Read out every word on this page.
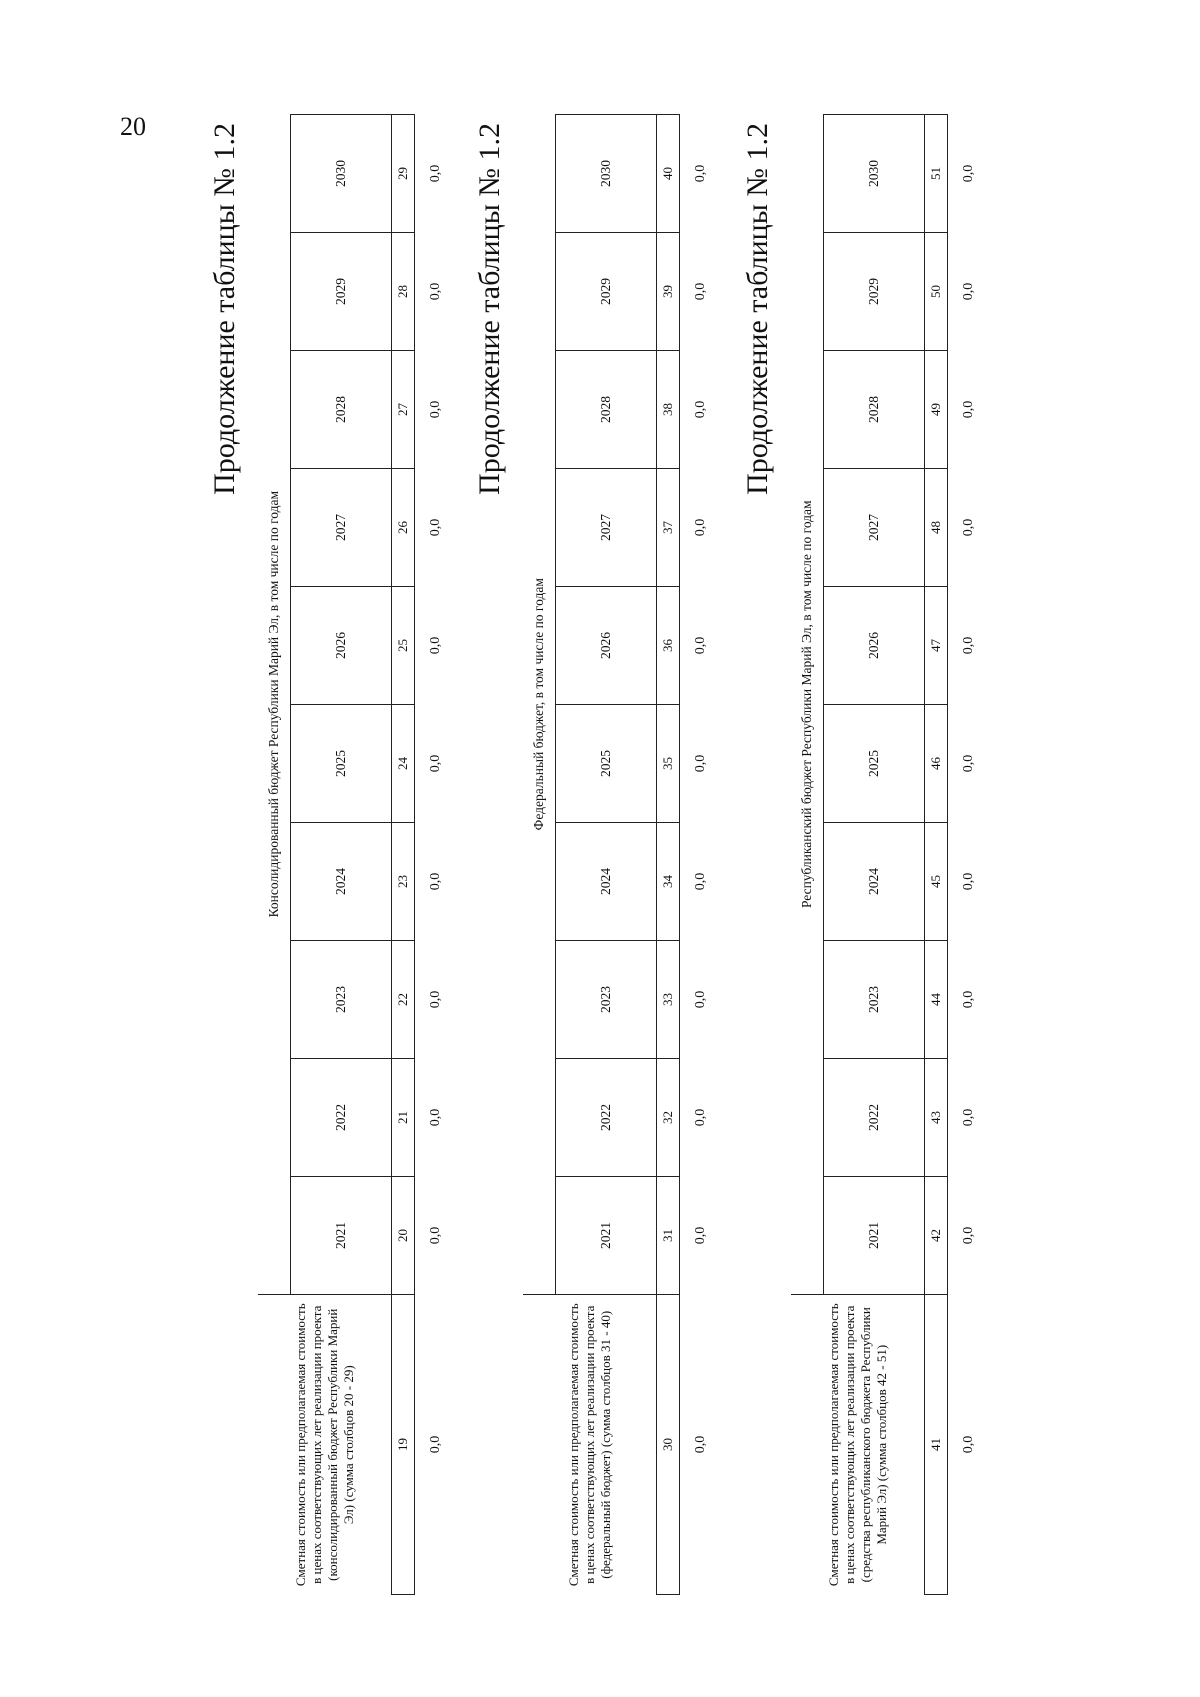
20 Продолжение таблицы № 1.2
Сметная стоимость или предполагаемая стоимость в ценах соответствующих лет реализации проекта (консолидированный бюджет Республики Марий Эл) (сумма столбцов 20 - 29)	Консолидированный бюджет Республики Марий Эл, в том числе по годам									
	2021	2022	2023	2024	2025	2026	2027	2028	2029	2030
19	20	21	22	23	24	25	26	27	28	29
0,0	0,0	0,0	0,0	0,0	0,0	0,0	0,0	0,0	0,0	0,0 Продолжение таблицы № 1.2
Сметная стоимость или предполагаемая стоимость в ценах соответствующих лет реализации проекта (федеральный бюджет) (сумма столбцов 31 - 40)	Федеральный бюджет, в том числе по годам									
	2021	2022	2023	2024	2025	2026	2027	2028	2029	2030
30	31	32	33	34	35	36	37	38	39	40
0,0	0,0	0,0	0,0	0,0	0,0	0,0	0,0	0,0	0,0	0,0 Продолжение таблицы № 1.2
Сметная стоимость или предполагаемая стоимость в ценах соответствующих лет реализации проекта (средства республиканского бюджета Республики Марий Эл) (сумма столбцов 42 - 51)	Республиканский бюджет Республики Марий Эл, в том числе по годам									
	2021	2022	2023	2024	2025	2026	2027	2028	2029	2030
41	42	43	44	45	46	47	48	49	50	51
0,0	0,0	0,0	0,0	0,0	0,0	0,0	0,0	0,0	0,0	0,0
